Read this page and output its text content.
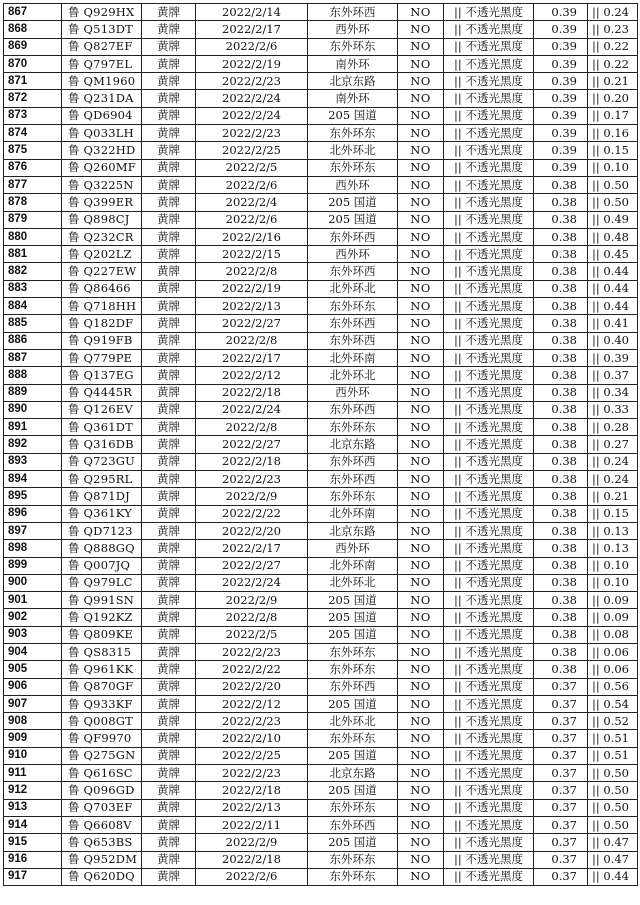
867	鲁 Q929HX	黄牌	2022/2/14	东外环西	NO	|| 不透光黑度	0.39	|| 0.24
868	鲁 Q513DT	黄牌	2022/2/17	西外环	NO	|| 不透光黑度	0.39	|| 0.23
869	鲁 Q827EF	黄牌	2022/2/6	东外环东	NO	|| 不透光黑度	0.39	|| 0.22
870	鲁 Q797EL	黄牌	2022/2/19	南外环	NO	|| 不透光黑度	0.39	|| 0.22
871	鲁 QM1960	黄牌	2022/2/23	北京东路	NO	|| 不透光黑度	0.39	|| 0.21
872	鲁 Q231DA	黄牌	2022/2/24	南外环	NO	|| 不透光黑度	0.39	|| 0.20
873	鲁 QD6904	黄牌	2022/2/24	205 国道	NO	|| 不透光黑度	0.39	|| 0.17
874	鲁 Q033LH	黄牌	2022/2/23	东外环东	NO	|| 不透光黑度	0.39	|| 0.16
875	鲁 Q322HD	黄牌	2022/2/25	北外环北	NO	|| 不透光黑度	0.39	|| 0.15
876	鲁 Q260MF	黄牌	2022/2/5	东外环东	NO	|| 不透光黑度	0.39	|| 0.10
877	鲁 Q3225N	黄牌	2022/2/6	西外环	NO	|| 不透光黑度	0.38	|| 0.50
878	鲁 Q399ER	黄牌	2022/2/4	205 国道	NO	|| 不透光黑度	0.38	|| 0.50
879	鲁 Q898CJ	黄牌	2022/2/6	205 国道	NO	|| 不透光黑度	0.38	|| 0.49
880	鲁 Q232CR	黄牌	2022/2/16	东外环西	NO	|| 不透光黑度	0.38	|| 0.48
881	鲁 Q202LZ	黄牌	2022/2/15	西外环	NO	|| 不透光黑度	0.38	|| 0.45
882	鲁 Q227EW	黄牌	2022/2/8	东外环西	NO	|| 不透光黑度	0.38	|| 0.44
883	鲁 Q86466	黄牌	2022/2/19	北外环北	NO	|| 不透光黑度	0.38	|| 0.44
884	鲁 Q718HH	黄牌	2022/2/13	东外环东	NO	|| 不透光黑度	0.38	|| 0.44
885	鲁 Q182DF	黄牌	2022/2/27	东外环西	NO	|| 不透光黑度	0.38	|| 0.41
886	鲁 Q919FB	黄牌	2022/2/8	东外环西	NO	|| 不透光黑度	0.38	|| 0.40
887	鲁 Q779PE	黄牌	2022/2/17	北外环南	NO	|| 不透光黑度	0.38	|| 0.39
888	鲁 Q137EG	黄牌	2022/2/12	北外环北	NO	|| 不透光黑度	0.38	|| 0.37
889	鲁 Q4445R	黄牌	2022/2/18	西外环	NO	|| 不透光黑度	0.38	|| 0.34
890	鲁 Q126EV	黄牌	2022/2/24	东外环西	NO	|| 不透光黑度	0.38	|| 0.33
891	鲁 Q361DT	黄牌	2022/2/8	东外环东	NO	|| 不透光黑度	0.38	|| 0.28
892	鲁 Q316DB	黄牌	2022/2/27	北京东路	NO	|| 不透光黑度	0.38	|| 0.27
893	鲁 Q723GU	黄牌	2022/2/18	东外环西	NO	|| 不透光黑度	0.38	|| 0.24
894	鲁 Q295RL	黄牌	2022/2/23	东外环西	NO	|| 不透光黑度	0.38	|| 0.24
895	鲁 Q871DJ	黄牌	2022/2/9	东外环东	NO	|| 不透光黑度	0.38	|| 0.21
896	鲁 Q361KY	黄牌	2022/2/22	北外环南	NO	|| 不透光黑度	0.38	|| 0.15
897	鲁 QD7123	黄牌	2022/2/20	北京东路	NO	|| 不透光黑度	0.38	|| 0.13
898	鲁 Q888GQ	黄牌	2022/2/17	西外环	NO	|| 不透光黑度	0.38	|| 0.13
899	鲁 Q007JQ	黄牌	2022/2/27	北外环南	NO	|| 不透光黑度	0.38	|| 0.10
900	鲁 Q979LC	黄牌	2022/2/24	北外环北	NO	|| 不透光黑度	0.38	|| 0.10
901	鲁 Q991SN	黄牌	2022/2/9	205 国道	NO	|| 不透光黑度	0.38	|| 0.09
902	鲁 Q192KZ	黄牌	2022/2/8	205 国道	NO	|| 不透光黑度	0.38	|| 0.09
903	鲁 Q809KE	黄牌	2022/2/5	205 国道	NO	|| 不透光黑度	0.38	|| 0.08
904	鲁 QS8315	黄牌	2022/2/23	东外环东	NO	|| 不透光黑度	0.38	|| 0.06
905	鲁 Q961KK	黄牌	2022/2/22	东外环东	NO	|| 不透光黑度	0.38	|| 0.06
906	鲁 Q870GF	黄牌	2022/2/20	东外环西	NO	|| 不透光黑度	0.37	|| 0.56
907	鲁 Q933KF	黄牌	2022/2/12	205 国道	NO	|| 不透光黑度	0.37	|| 0.54
908	鲁 Q008GT	黄牌	2022/2/23	北外环北	NO	|| 不透光黑度	0.37	|| 0.52
909	鲁 QF9970	黄牌	2022/2/10	东外环东	NO	|| 不透光黑度	0.37	|| 0.51
910	鲁 Q275GN	黄牌	2022/2/25	205 国道	NO	|| 不透光黑度	0.37	|| 0.51
911	鲁 Q616SC	黄牌	2022/2/23	北京东路	NO	|| 不透光黑度	0.37	|| 0.50
912	鲁 Q096GD	黄牌	2022/2/18	205 国道	NO	|| 不透光黑度	0.37	|| 0.50
913	鲁 Q703EF	黄牌	2022/2/13	东外环东	NO	|| 不透光黑度	0.37	|| 0.50
914	鲁 Q6608V	黄牌	2022/2/11	东外环西	NO	|| 不透光黑度	0.37	|| 0.50
915	鲁 Q653BS	黄牌	2022/2/9	205 国道	NO	|| 不透光黑度	0.37	|| 0.47
916	鲁 Q952DM	黄牌	2022/2/18	东外环东	NO	|| 不透光黑度	0.37	|| 0.47
917	鲁 Q620DQ	黄牌	2022/2/6	东外环东	NO	|| 不透光黑度	0.37	|| 0.44
